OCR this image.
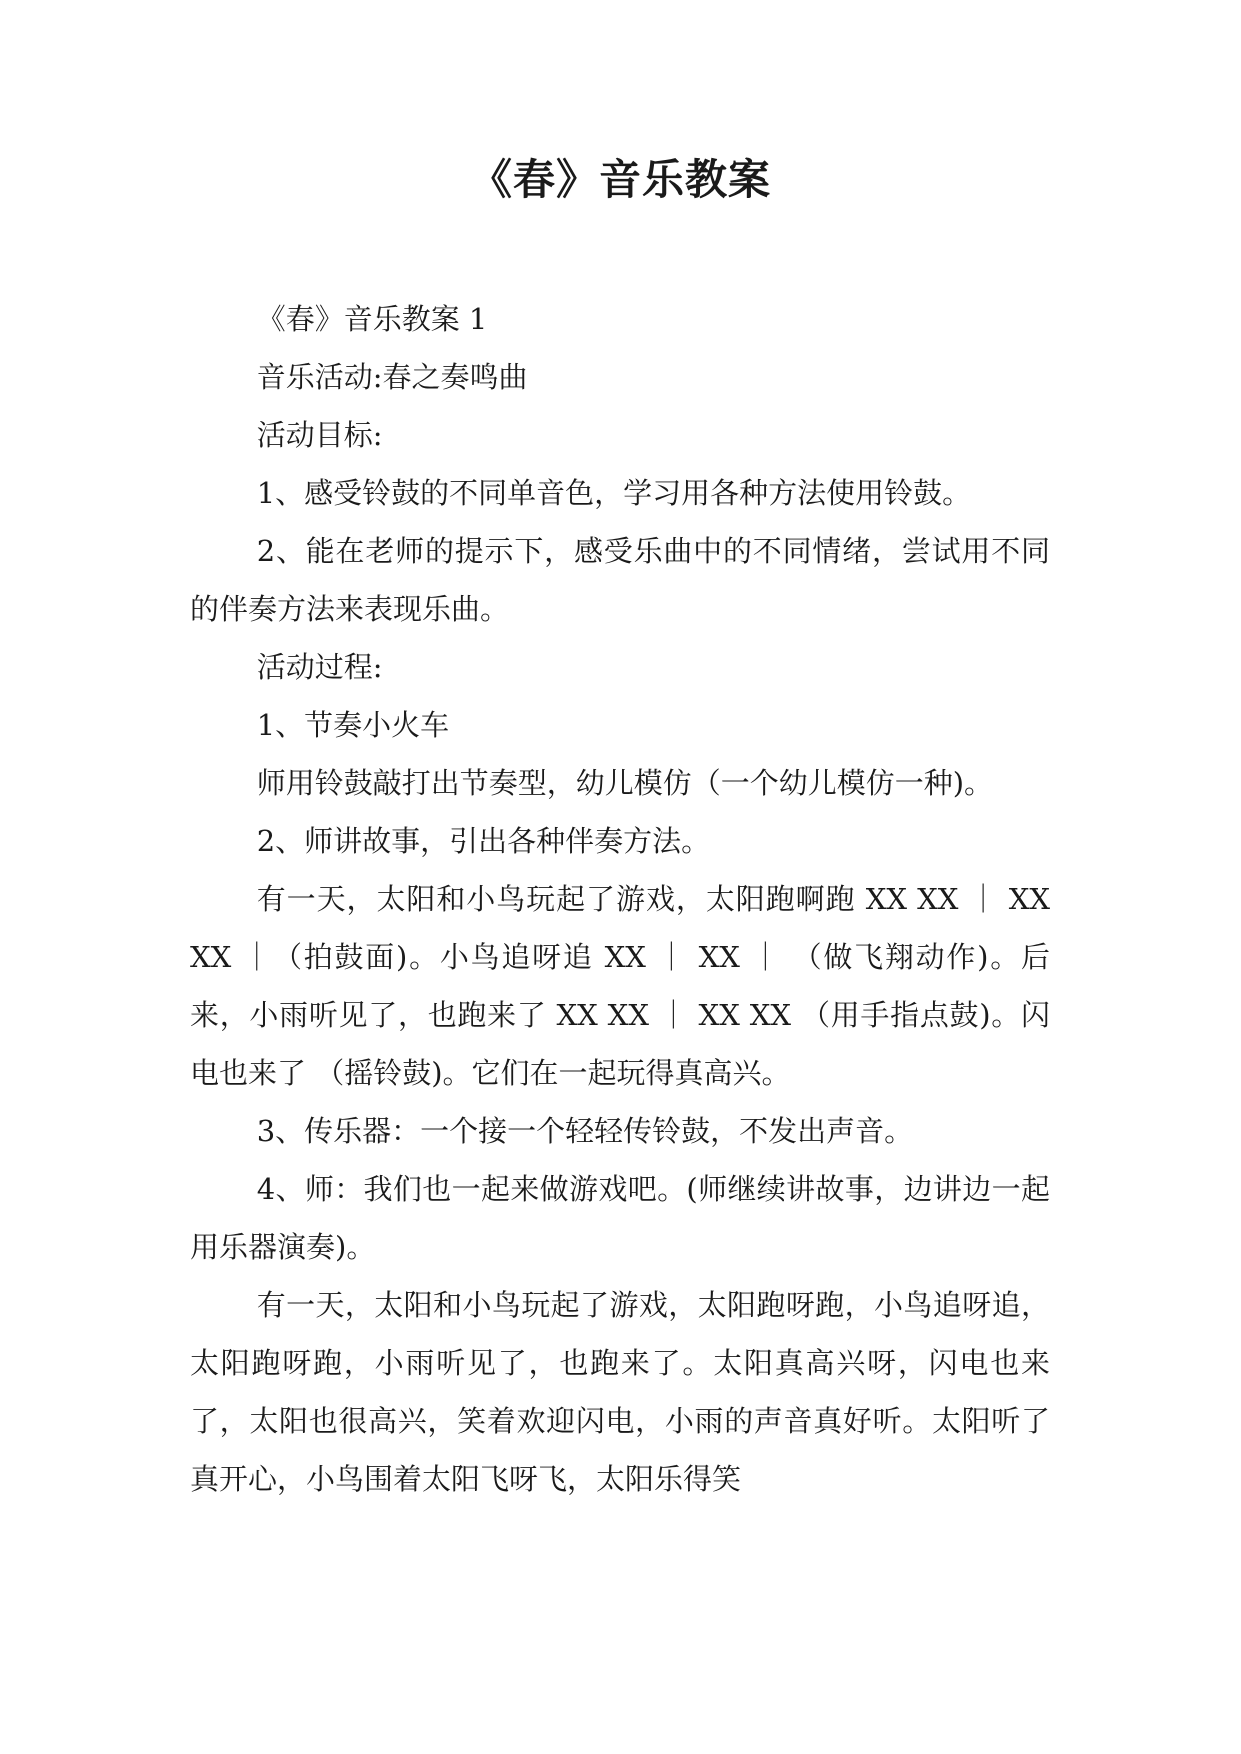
《春》音乐教案

《春》音乐教案 1

音乐活动:春之奏鸣曲

活动目标:

1、感受铃鼓的不同单音色，学习用各种方法使用铃鼓。

2、能在老师的提示下，感受乐曲中的不同情绪，尝试用不同的伴奏方法来表现乐曲。

活动过程:

1、节奏小火车

师用铃鼓敲打出节奏型，幼儿模仿（一个幼儿模仿一种)。

2、师讲故事，引出各种伴奏方法。

有一天，太阳和小鸟玩起了游戏，太阳跑啊跑 XX XX ｜ XX XX ｜（拍鼓面)。小鸟追呀追 XX ｜ XX ｜ （做飞翔动作)。后来，小雨听见了，也跑来了 XX XX ｜ XX XX （用手指点鼓)。闪电也来了 （摇铃鼓)。它们在一起玩得真高兴。

3、传乐器：一个接一个轻轻传铃鼓，不发出声音。

4、师：我们也一起来做游戏吧。(师继续讲故事，边讲边一起用乐器演奏)。

有一天，太阳和小鸟玩起了游戏，太阳跑呀跑，小鸟追呀追，太阳跑呀跑，小雨听见了，也跑来了。太阳真高兴呀，闪电也来了，太阳也很高兴，笑着欢迎闪电，小雨的声音真好听。太阳听了真开心，小鸟围着太阳飞呀飞，太阳乐得笑
